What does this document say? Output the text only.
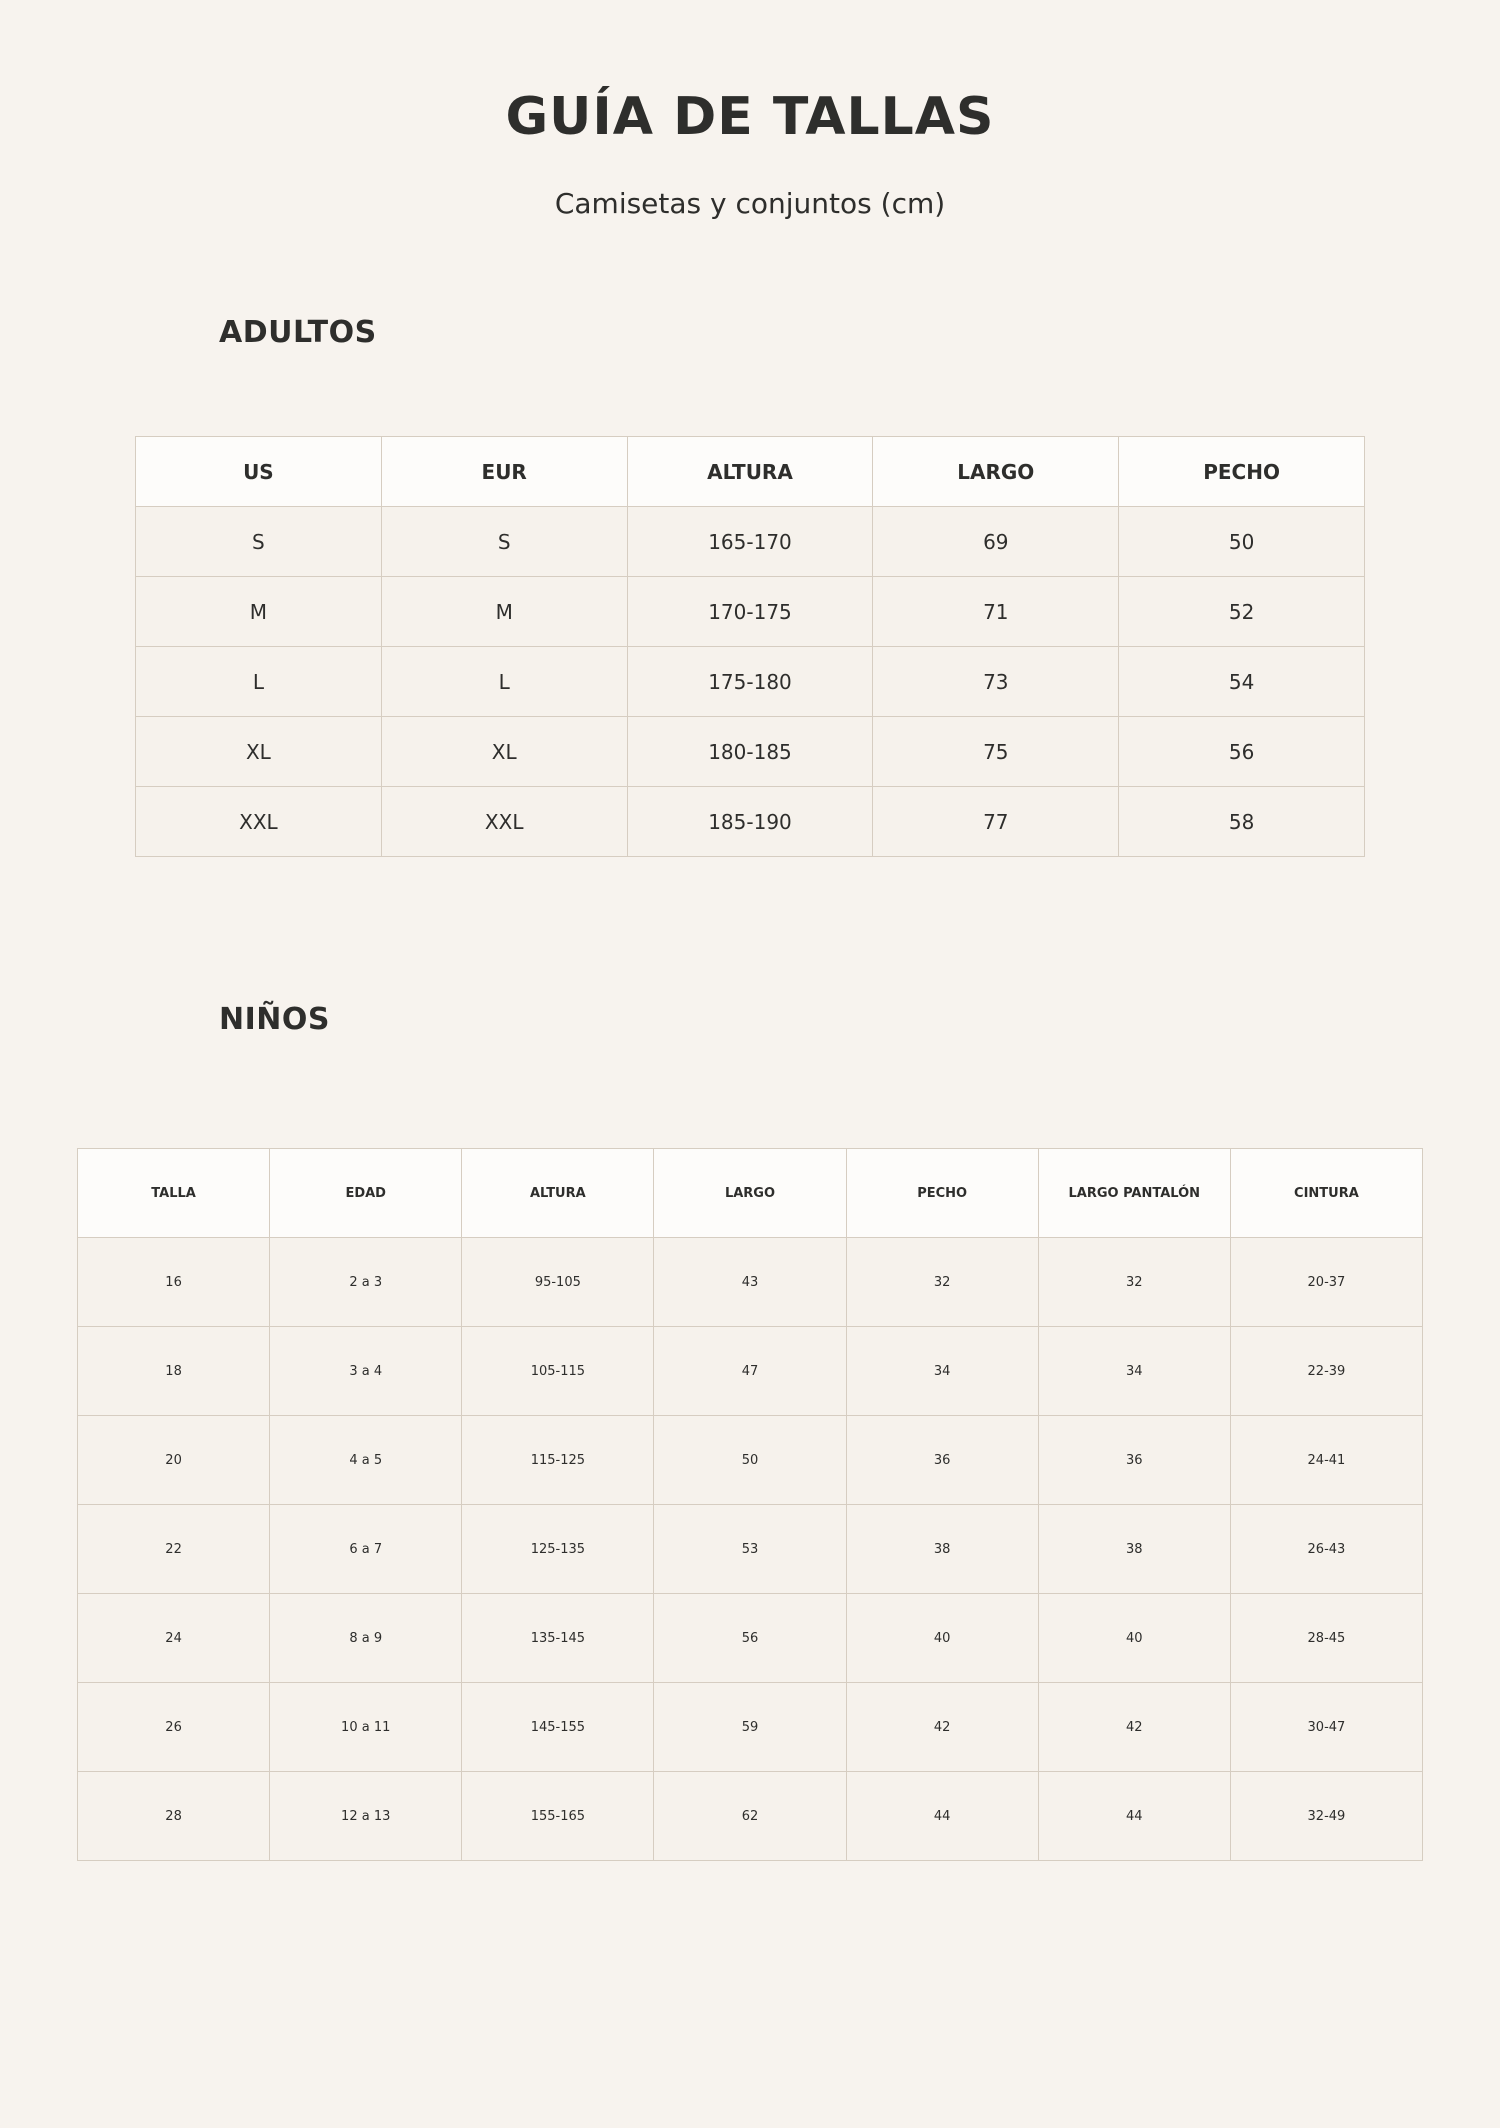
GUÍA DE TALLAS
Camisetas y conjuntos (cm)
ADULTOS
US	EUR	ALTURA	LARGO	PECHO
S	S	165-170	69	50
M	M	170-175	71	52
L	L	175-180	73	54
XL	XL	180-185	75	56
XXL	XXL	185-190	77	58
NIÑOS
TALLA	EDAD	ALTURA	LARGO	PECHO	LARGO PANTALÓN	CINTURA
16	2 a 3	95-105	43	32	32	20-37
18	3 a 4	105-115	47	34	34	22-39
20	4 a 5	115-125	50	36	36	24-41
22	6 a 7	125-135	53	38	38	26-43
24	8 a 9	135-145	56	40	40	28-45
26	10 a 11	145-155	59	42	42	30-47
28	12 a 13	155-165	62	44	44	32-49
